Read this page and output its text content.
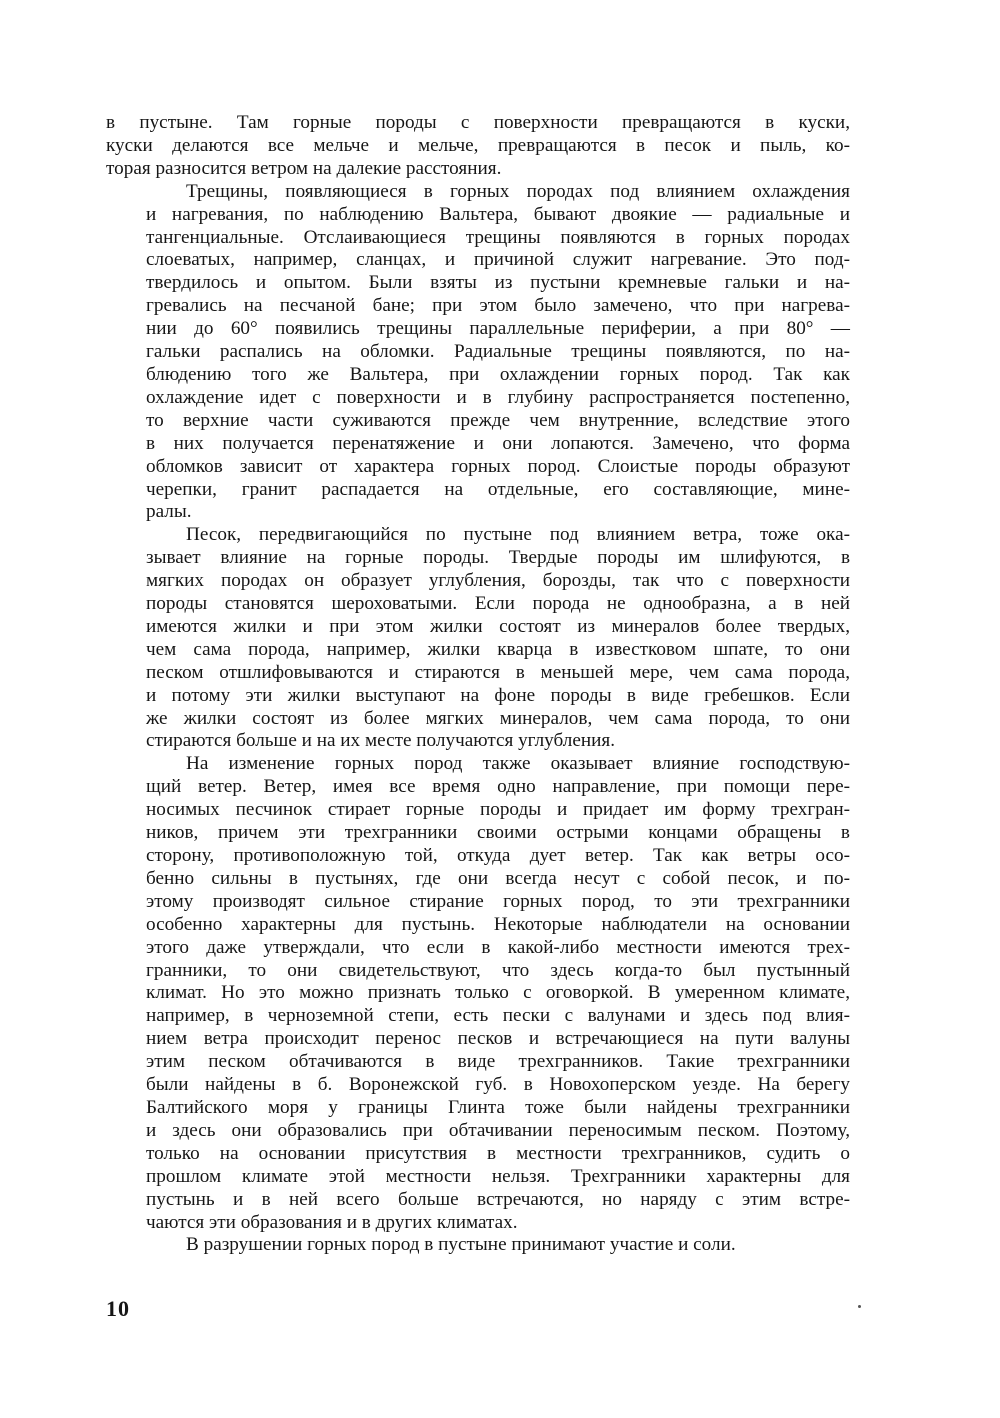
в пустыне. Там горные породы с поверхности превращаются в куски,
куски делаются все мельче и мельче, превращаются в песок и пыль, ко-
торая разносится ветром на далекие расстояния.
Трещины, появляющиеся в горных породах под влиянием охлаждения
и нагревания, по наблюдению Вальтера, бывают двоякие — радиальные и
тангенциальные. Отслаивающиеся трещины появляются в горных породах
слоеватых, например, сланцах, и причиной служит нагревание. Это под-
твердилось и опытом. Были взяты из пустыни кремневые гальки и на-
гревались на песчаной бане; при этом было замечено, что при нагрева-
нии до 60° появились трещины параллельные периферии, а при 80° —
гальки распались на обломки. Радиальные трещины появляются, по на-
блюдению того же Вальтера, при охлаждении горных пород. Так как
охлаждение идет с поверхности и в глубину распространяется постепенно,
то верхние части суживаются прежде чем внутренние, вследствие этого
в них получается перенатяжение и они лопаются. Замечено, что форма
обломков зависит от характера горных пород. Слоистые породы образуют
черепки, гранит распадается на отдельные, его составляющие, мине-
ралы.
Песок, передвигающийся по пустыне под влиянием ветра, тоже ока-
зывает влияние на горные породы. Твердые породы им шлифуются, в
мягких породах он образует углубления, борозды, так что с поверхности
породы становятся шероховатыми. Если порода не однообразна, а в ней
имеются жилки и при этом жилки состоят из минералов более твердых,
чем сама порода, например, жилки кварца в известковом шпате, то они
песком отшлифовываются и стираются в меньшей мере, чем сама порода,
и потому эти жилки выступают на фоне породы в виде гребешков. Если
же жилки состоят из более мягких минералов, чем сама порода, то они
стираются больше и на их месте получаются углубления.
На изменение горных пород также оказывает влияние господствую-
щий ветер. Ветер, имея все время одно направление, при помощи пере-
носимых песчинок стирает горные породы и придает им форму трехгран-
ников, причем эти трехгранники своими острыми концами обращены в
сторону, противоположную той, откуда дует ветер. Так как ветры осо-
бенно сильны в пустынях, где они всегда несут с собой песок, и по-
этому производят сильное стирание горных пород, то эти трехгранники
особенно характерны для пустынь. Некоторые наблюдатели на основании
этого даже утверждали, что если в какой-либо местности имеются трех-
гранники, то они свидетельствуют, что здесь когда-то был пустынный
климат. Но это можно признать только с оговоркой. В умеренном климате,
например, в черноземной степи, есть пески с валунами и здесь под влия-
нием ветра происходит перенос песков и встречающиеся на пути валуны
этим песком обтачиваются в виде трехгранников. Такие трехгранники
были найдены в б. Воронежской губ. в Новохоперском уезде. На берегу
Балтийского моря у границы Глинта тоже были найдены трехгранники
и здесь они образовались при обтачивании переносимым песком. Поэтому,
только на основании присутствия в местности трехгранников, судить о
прошлом климате этой местности нельзя. Трехгранники характерны для
пустынь и в ней всего больше встречаются, но наряду с этим встре-
чаются эти образования и в других климатах.
В разрушении горных пород в пустыне принимают участие и соли.
10
